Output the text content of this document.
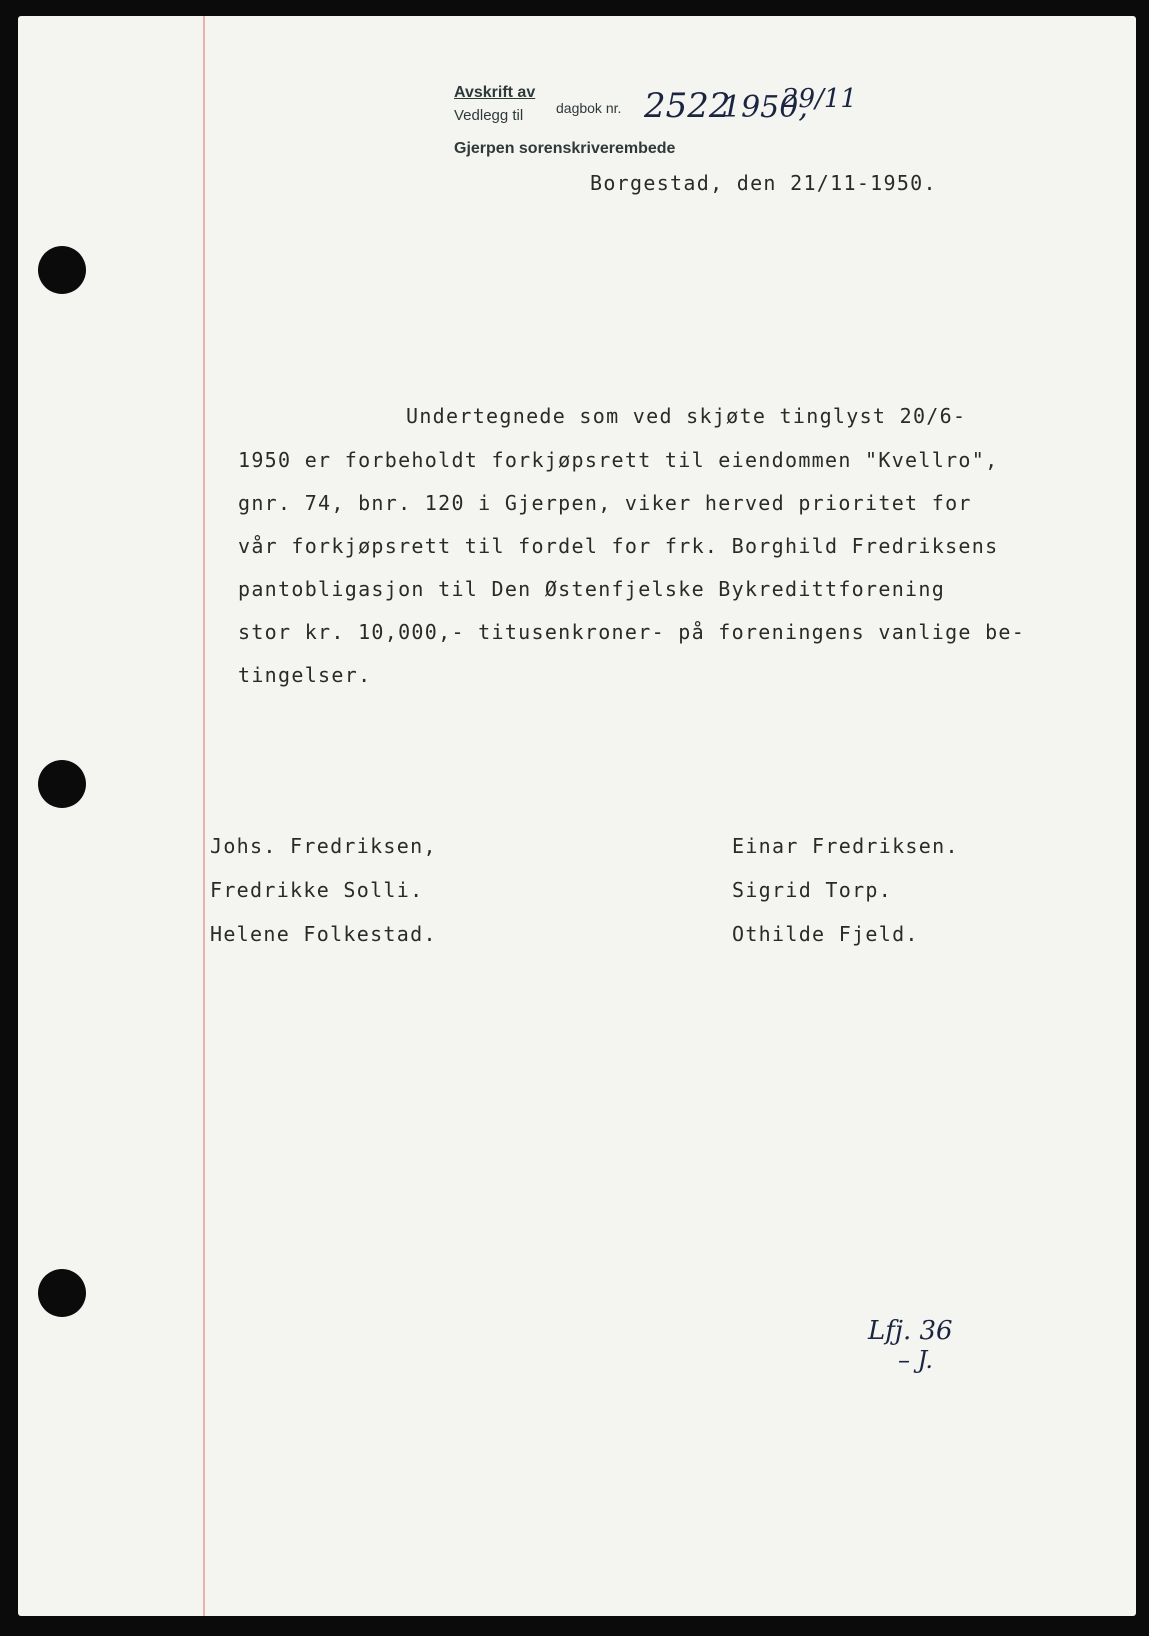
Avskrift av
Vedlegg til dagbok nr.
Gjerpen sorenskriverembede
2522
1950,
29/11
Borgestad, den 21/11-1950.
Undertegnede som ved skjøte tinglyst 20/6-
1950 er forbeholdt forkjøpsrett til eiendommen "Kvellro",
gnr. 74, bnr. 120 i Gjerpen, viker herved prioritet for
vår forkjøpsrett til fordel for frk. Borghild Fredriksens
pantobligasjon til Den Østenfjelske Bykredittforening
stor kr. 10,000,- titusenkroner- på foreningens vanlige be-
tingelser.
Johs. Fredriksen,
Fredrikke Solli.
Helene Folkestad.
Einar Fredriksen.
Sigrid Torp.
Othilde Fjeld.
Lfj. 36
– J.
